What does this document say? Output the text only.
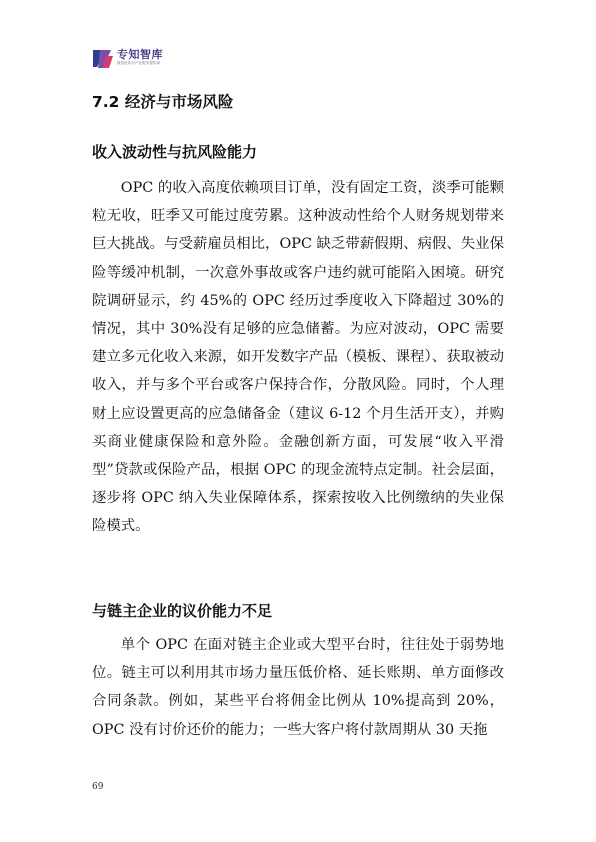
专知智库
数智化知识产业服务提供商
7.2 经济与市场风险
收入波动性与抗风险能力

OPC 的收入高度依赖项目订单，没有固定工资，淡季可能颗粒无收，旺季又可能过度劳累。这种波动性给个人财务规划带来巨大挑战。与受薪雇员相比，OPC 缺乏带薪假期、病假、失业保险等缓冲机制，一次意外事故或客户违约就可能陷入困境。研究院调研显示，约 45%的 OPC 经历过季度收入下降超过 30%的情况，其中 30%没有足够的应急储蓄。为应对波动，OPC 需要建立多元化收入来源，如开发数字产品（模板、课程）、获取被动收入，并与多个平台或客户保持合作，分散风险。同时，个人理财上应设置更高的应急储备金（建议 6-12 个月生活开支），并购买商业健康保险和意外险。金融创新方面，可发展“收入平滑型”贷款或保险产品，根据 OPC 的现金流特点定制。社会层面，逐步将 OPC 纳入失业保障体系，探索按收入比例缴纳的失业保险模式。

与链主企业的议价能力不足

单个 OPC 在面对链主企业或大型平台时，往往处于弱势地位。链主可以利用其市场力量压低价格、延长账期、单方面修改合同条款。例如，某些平台将佣金比例从 10%提高到 20%，OPC 没有讨价还价的能力；一些大客户将付款周期从 30 天拖

69
